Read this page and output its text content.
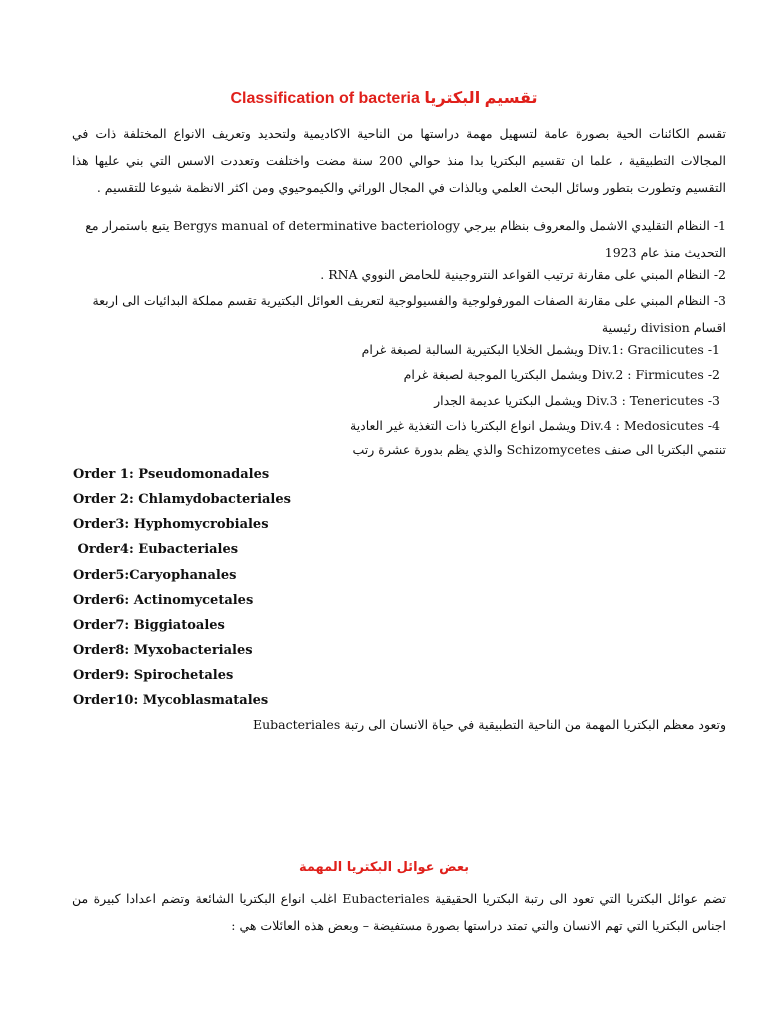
Classification of bacteria تقسيم البكتريا
تقسم الكائنات الحية بصورة عامة لتسهيل مهمة دراستها من الناحية الاكاديمية ولتحديد وتعريف الانواع المختلفة ذات في المجالات التطبيقية ، علما ان تقسيم البكتريا بدا منذ حوالي 200 سنة مضت واختلفت وتعددت الاسس التي بني عليها هذا التقسيم وتطورت بتطور وسائل البحث العلمي وبالذات في المجال الوراثي والكيموحيوي ومن اكثر الانظمة شيوعا للتقسيم .
1- النظام التقليدي الاشمل والمعروف بنظام بيرجي Bergys manual of determinative bacteriology يتبع باستمرار مع التحديث منذ عام 1923
2- النظام المبني على مقارنة ترتيب القواعد النتروجينية للحامض النووي RNA .
3- النظام المبني على مقارنة الصفات المورفولوجية والفسيولوجية لتعريف العوائل البكتيرية تقسم مملكة البدائيات الى اربعة اقسام division رئيسية
Div.1: Gracilicutes -1 ويشمل الخلايا البكتيرية السالبة لصبغة غرام
Div.2 : Firmicutes -2 ويشمل البكتريا الموجبة لصبغة غرام
Div.3 : Tenericutes -3 ويشمل البكتريا عديمة الجدار
Div.4 : Medosicutes -4 ويشمل انواع البكتريا ذات التغذية غير العادية
تنتمي البكتريا الى صنف Schizomycetes والذي يظم بدورة عشرة رتب
Order 1: Pseudomonadales
Order 2: Chlamydobacteriales
Order3: Hyphomycrobiales
Order4: Eubacteriales
Order5:Caryophanales
Order6: Actinomycetales
Order7: Biggiatoales
Order8: Myxobacteriales
Order9: Spirochetales
Order10: Mycoblasmatales
وتعود معظم البكتريا المهمة من الناحية التطبيقية في حياة الانسان الى رتبة Eubacteriales
بعض عوائل البكتريا المهمة
تضم عوائل البكتريا التي تعود الى رتبة البكتريا الحقيقية Eubacteriales اغلب انواع البكتريا الشائعة وتضم اعدادا كبيرة من اجناس البكتريا التي تهم الانسان والتي تمتد دراستها بصورة مستفيضة – وبعض هذه العائلات هي :
